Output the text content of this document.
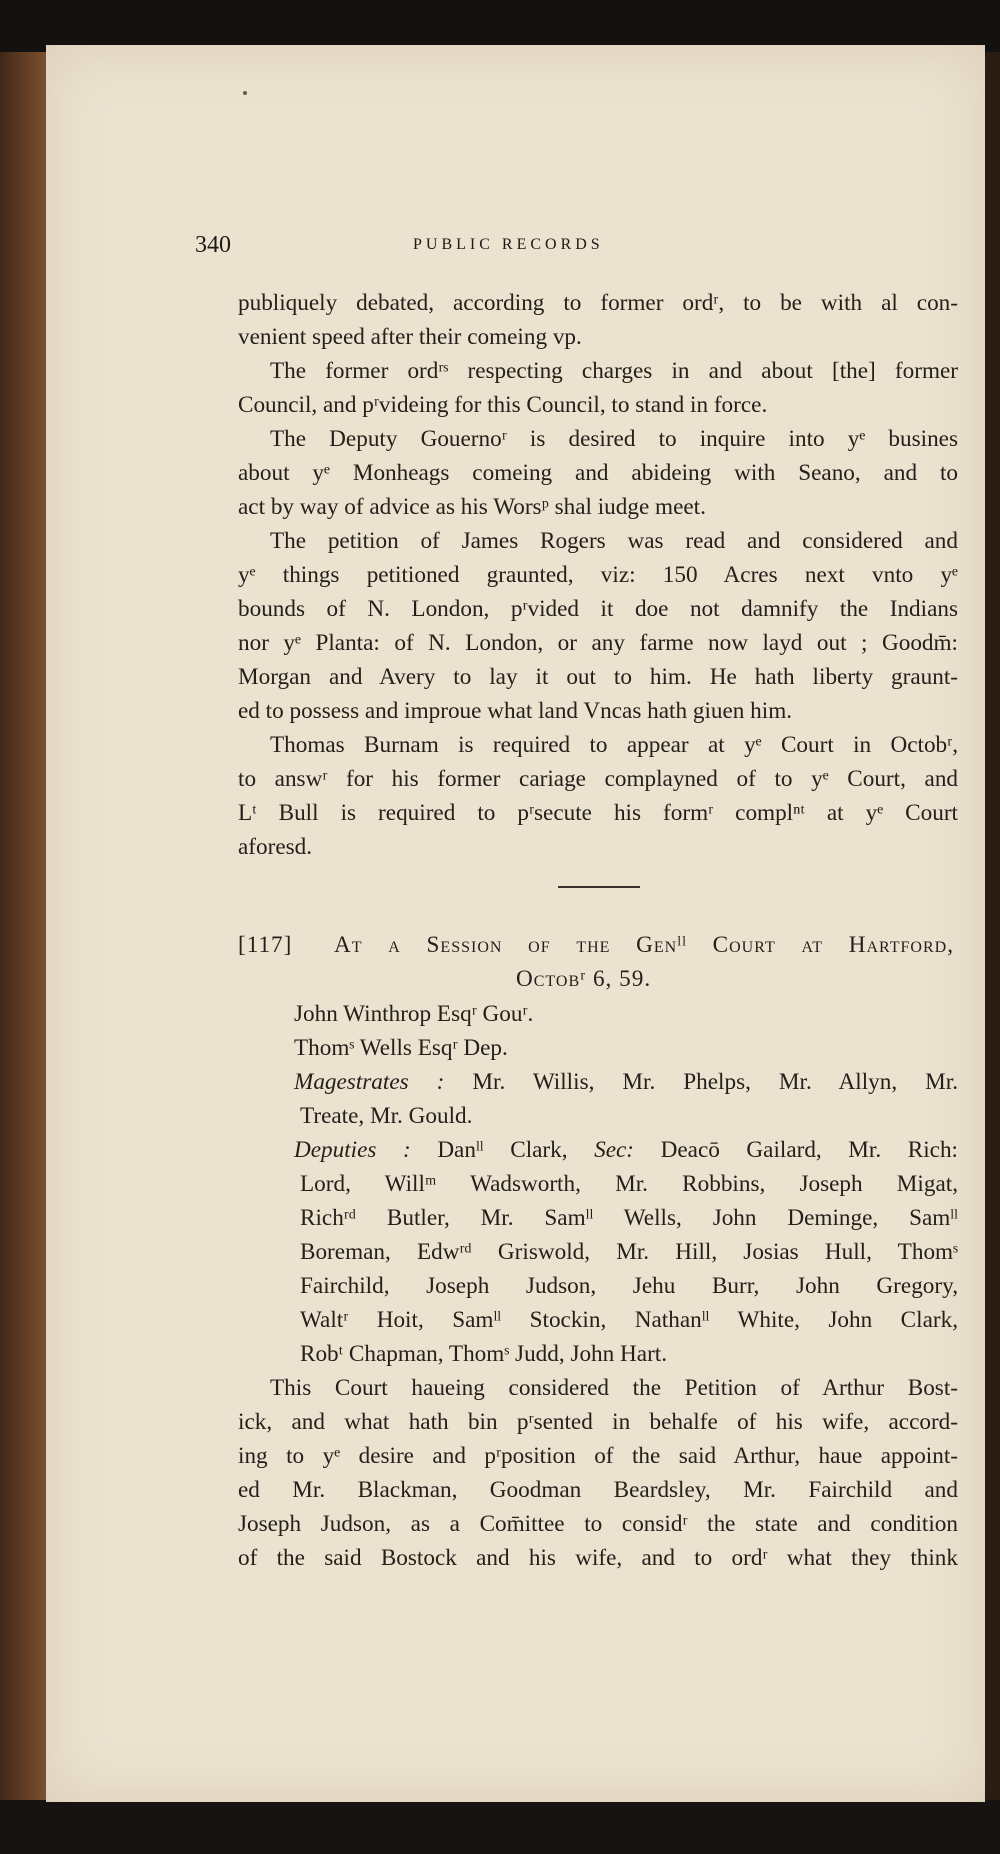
340	PUBLIC RECORDS
publiquely debated, according to former ordʳ, to be with al con-
venient speed after their comeing vp.
The former ordʳˢ respecting charges in and about [the] former
Council, and pʳvideing for this Council, to stand in force.
The Deputy Gouernoʳ is desired to inquire into yᵉ busines
about yᵉ Monheags comeing and abideing with Seano, and to
act by way of advice as his Worsᵖ shal iudge meet.
The petition of James Rogers was read and considered and
yᵉ things petitioned graunted, viz: 150 Acres next vnto yᵉ
bounds of N. London, pʳvided it doe not damnify the Indians
nor yᵉ Planta: of N. London, or any farme now layd out ; Goodm̄:
Morgan and Avery to lay it out to him. He hath liberty graunt-
ed to possess and improue what land Vncas hath giuen him.
Thomas Burnam is required to appear at yᵉ Court in Octobʳ,
to answʳ for his former cariage complayned of to yᵉ Court, and
Lᵗ Bull is required to pʳsecute his formʳ complⁿᵗ at yᵉ Court
aforesd.
[117] At a Session of the Genˡˡ Court at Hartford,
Octobʳ 6, 59.
John Winthrop Esqʳ Gouʳ.
Thomˢ Wells Esqʳ Dep.
Magestrates : Mr. Willis, Mr. Phelps, Mr. Allyn, Mr.
Treate, Mr. Gould.
Deputies : Danˡˡ Clark, Sec: Deacō Gailard, Mr. Rich:
Lord, Willᵐ Wadsworth, Mr. Robbins, Joseph Migat,
Richʳᵈ Butler, Mr. Samˡˡ Wells, John Deminge, Samˡˡ
Boreman, Edwʳᵈ Griswold, Mr. Hill, Josias Hull, Thomˢ
Fairchild, Joseph Judson, Jehu Burr, John Gregory,
Waltʳ Hoit, Samˡˡ Stockin, Nathanˡˡ White, John Clark,
Robᵗ Chapman, Thomˢ Judd, John Hart.
This Court haueing considered the Petition of Arthur Bost-
ick, and what hath bin pʳsented in behalfe of his wife, accord-
ing to yᵉ desire and pʳposition of the said Arthur, haue appoint-
ed Mr. Blackman, Goodman Beardsley, Mr. Fairchild and
Joseph Judson, as a Com̄ittee to considʳ the state and condition
of the said Bostock and his wife, and to ordʳ what they think
